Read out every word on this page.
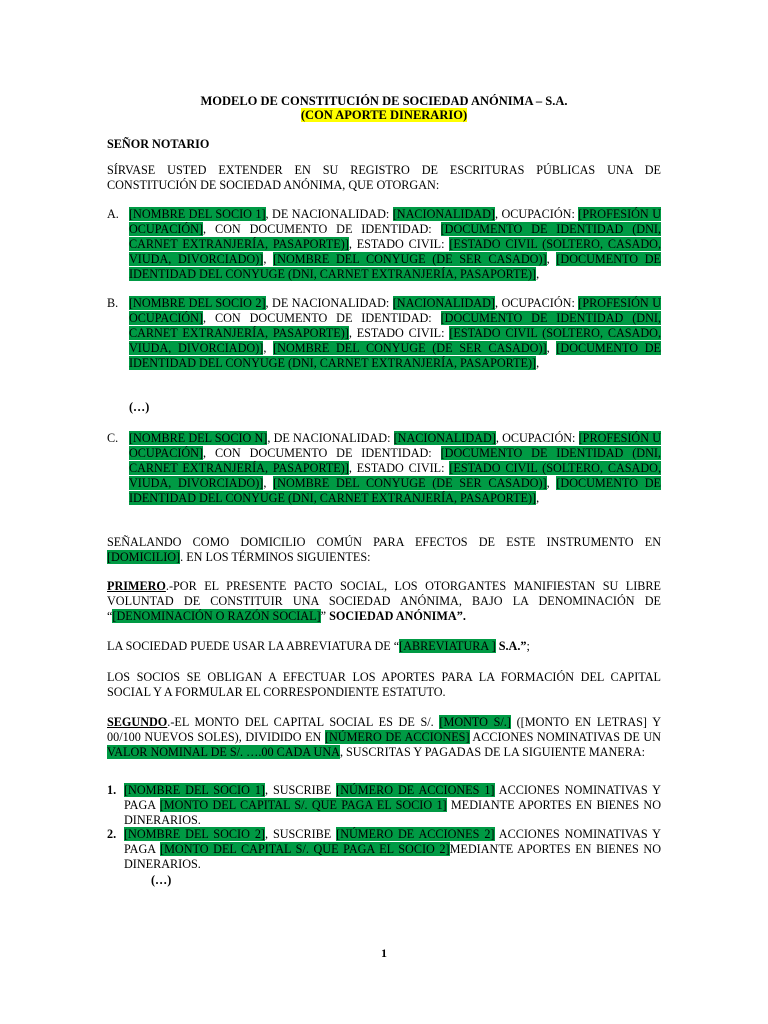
MODELO DE CONSTITUCIÓN DE SOCIEDAD ANÓNIMA – S.A.
(CON APORTE DINERARIO)
SEÑOR NOTARIO
SÍRVASE USTED EXTENDER EN SU REGISTRO DE ESCRITURAS PÚBLICAS UNA DE CONSTITUCIÓN DE SOCIEDAD ANÓNIMA, QUE OTORGAN:
A. [NOMBRE DEL SOCIO 1], DE NACIONALIDAD: [NACIONALIDAD], OCUPACIÓN: [PROFESIÓN U OCUPACIÓN], CON DOCUMENTO DE IDENTIDAD: [DOCUMENTO DE IDENTIDAD (DNI, CARNET EXTRANJERÍA, PASAPORTE)], ESTADO CIVIL: [ESTADO CIVIL (SOLTERO, CASADO, VIUDA, DIVORCIADO)], [NOMBRE DEL CONYUGE (DE SER CASADO)], [DOCUMENTO DE IDENTIDAD DEL CONYUGE (DNI, CARNET EXTRANJERÍA, PASAPORTE)],
B. [NOMBRE DEL SOCIO 2], DE NACIONALIDAD: [NACIONALIDAD], OCUPACIÓN: [PROFESIÓN U OCUPACIÓN], CON DOCUMENTO DE IDENTIDAD: [DOCUMENTO DE IDENTIDAD (DNI, CARNET EXTRANJERÍA, PASAPORTE)], ESTADO CIVIL: [ESTADO CIVIL (SOLTERO, CASADO, VIUDA, DIVORCIADO)], [NOMBRE DEL CONYUGE (DE SER CASADO)], [DOCUMENTO DE IDENTIDAD DEL CONYUGE (DNI, CARNET EXTRANJERÍA, PASAPORTE)],
(…)
C. [NOMBRE DEL SOCIO N], DE NACIONALIDAD: [NACIONALIDAD], OCUPACIÓN: [PROFESIÓN U OCUPACIÓN], CON DOCUMENTO DE IDENTIDAD: [DOCUMENTO DE IDENTIDAD (DNI, CARNET EXTRANJERÍA, PASAPORTE)], ESTADO CIVIL: [ESTADO CIVIL (SOLTERO, CASADO, VIUDA, DIVORCIADO)], [NOMBRE DEL CONYUGE (DE SER CASADO)], [DOCUMENTO DE IDENTIDAD DEL CONYUGE (DNI, CARNET EXTRANJERÍA, PASAPORTE)],
SEÑALANDO COMO DOMICILIO COMÚN PARA EFECTOS DE ESTE INSTRUMENTO EN [DOMICILIO]. EN LOS TÉRMINOS SIGUIENTES:
PRIMERO.-POR EL PRESENTE PACTO SOCIAL, LOS OTORGANTES MANIFIESTAN SU LIBRE VOLUNTAD DE CONSTITUIR UNA SOCIEDAD ANÓNIMA, BAJO LA DENOMINACIÓN DE “[DENOMINACIÓN O RAZÓN SOCIAL]” SOCIEDAD ANÓNIMA”.
LA SOCIEDAD PUEDE USAR LA ABREVIATURA DE “[ABREVIATURA ] S.A.”;
LOS SOCIOS SE OBLIGAN A EFECTUAR LOS APORTES PARA LA FORMACIÓN DEL CAPITAL SOCIAL Y A FORMULAR EL CORRESPONDIENTE ESTATUTO.
SEGUNDO.-EL MONTO DEL CAPITAL SOCIAL ES DE S/. [MONTO S/.] ([MONTO EN LETRAS] Y 00/100 NUEVOS SOLES), DIVIDIDO EN [NÚMERO DE ACCIONES] ACCIONES NOMINATIVAS DE UN VALOR NOMINAL DE S/. ….00 CADA UNA, SUSCRITAS Y PAGADAS DE LA SIGUIENTE MANERA:
1. [NOMBRE DEL SOCIO 1], SUSCRIBE [NÚMERO DE ACCIONES 1] ACCIONES NOMINATIVAS Y PAGA [MONTO DEL CAPITAL S/. QUE PAGA EL SOCIO 1] MEDIANTE APORTES EN BIENES NO DINERARIOS.
2. [NOMBRE DEL SOCIO 2], SUSCRIBE [NÚMERO DE ACCIONES 2] ACCIONES NOMINATIVAS Y PAGA [MONTO DEL CAPITAL S/. QUE PAGA EL SOCIO 2]MEDIANTE APORTES EN BIENES NO DINERARIOS.
(…)
1
